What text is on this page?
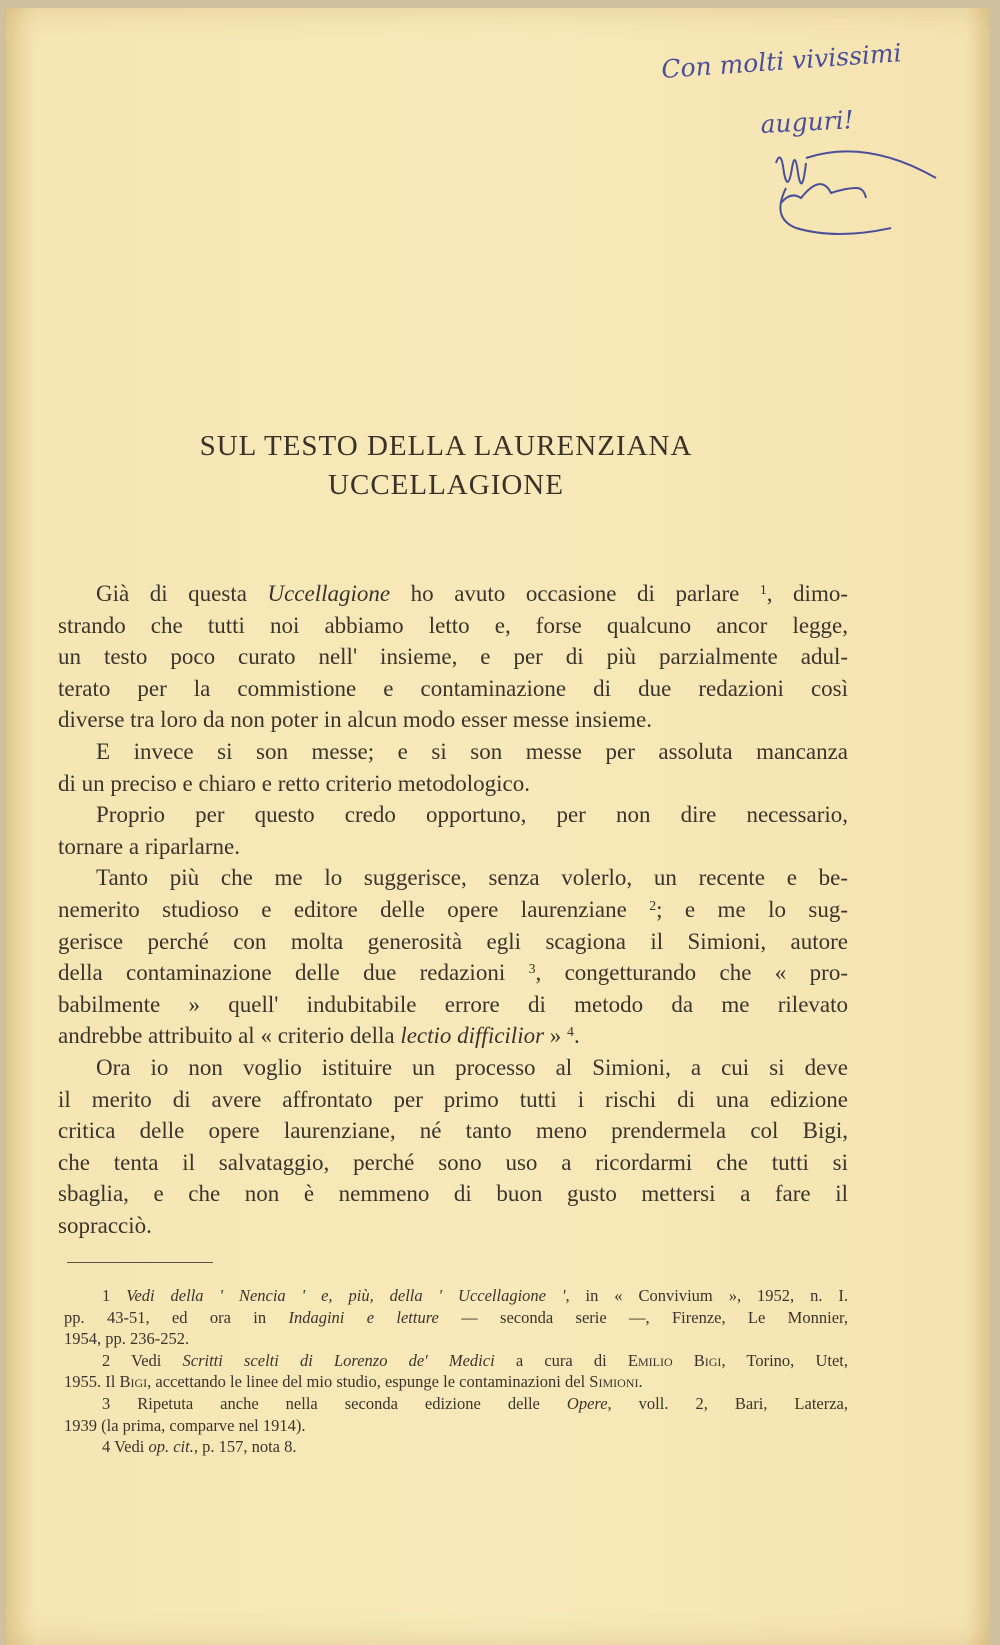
Con molti vivissimi
auguri!
SUL TESTO DELLA LAURENZIANA
UCCELLAGIONE
Già di questa Uccellagione ho avuto occasione di parlare $^1$, dimo-
strando che tutti noi abbiamo letto e, forse qualcuno ancor legge,
un testo poco curato nell' insieme, e per di più parzialmente adul-
terato per la commistione e contaminazione di due redazioni così
diverse tra loro da non poter in alcun modo esser messe insieme.
E invece si son messe; e si son messe per assoluta mancanza
di un preciso e chiaro e retto criterio metodologico.
Proprio per questo credo opportuno, per non dire necessario,
tornare a riparlarne.
Tanto più che me lo suggerisce, senza volerlo, un recente e be-
nemerito studioso e editore delle opere laurenziane $^2$; e me lo sug-
gerisce perché con molta generosità egli scagiona il Simioni, autore
della contaminazione delle due redazioni $^3$, congetturando che « pro-
babilmente » quell' indubitabile errore di metodo da me rilevato
andrebbe attribuito al « criterio della lectio difficilior » $^4$.
Ora io non voglio istituire un processo al Simioni, a cui si deve
il merito di avere affrontato per primo tutti i rischi di una edizione
critica delle opere laurenziane, né tanto meno prendermela col Bigi,
che tenta il salvataggio, perché sono uso a ricordarmi che tutti si
sbaglia, e che non è nemmeno di buon gusto mettersi a fare il
sopracciò.
1 Vedi della ' Nencia ' e, più, della ' Uccellagione ', in « Convivium », 1952, n. I.
pp. 43-51, ed ora in Indagini e letture — seconda serie —, Firenze, Le Monnier,
1954, pp. 236-252.
2 Vedi Scritti scelti di Lorenzo de' Medici a cura di Emilio Bigi, Torino, Utet,
1955. Il Bigi, accettando le linee del mio studio, espunge le contaminazioni del Simioni.
3 Ripetuta anche nella seconda edizione delle Opere, voll. 2, Bari, Laterza,
1939 (la prima, comparve nel 1914).
4 Vedi op. cit., p. 157, nota 8.
